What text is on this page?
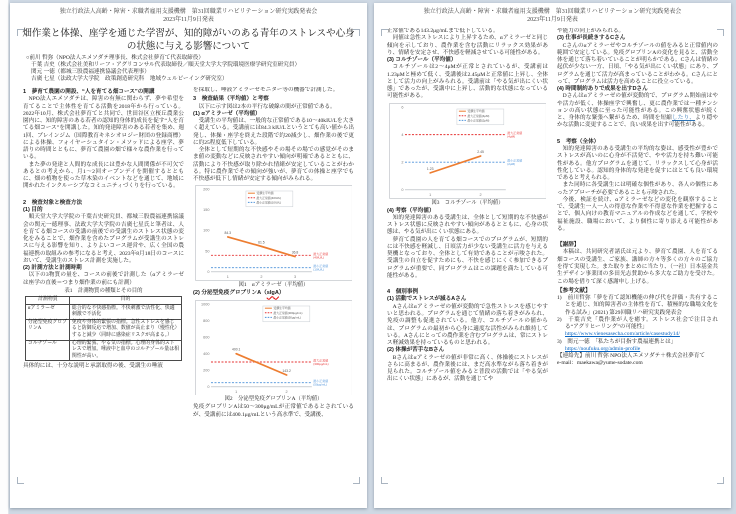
独立行政法人高齢・障害・求職者雇用支援機構　第31回職業リハビリテーション研究実践発表会
2023年11月9日発表
畑作業と体操、座学を通じた学習が、知的障がいのある青年のストレスや心身の状態に与える影響について
○前川 哲弥（NPO法人エメソダテ理事長、株式会社夢育て代表取締役）
千葉 吉史（株式会社美和リーフ・アグリコンサル代表取締役／順天堂大学大学院環境医療学研究室研究員）
関元 一徳（都城三股農福連携協議会代表理事）
吉廣 七星（法政大学大学院　政策創造研究科　地域ウェルビーイング研究室）
1　夢育て農園の開設、“人を育てる畑コース”の開講
NPO法人エメソダテは、障害の有無に関わらず、夢や希望を育てることで主体性を育てる活動を2018年から行っている。2022年10月、株式会社夢育てと共同で、世田谷区立桜丘農業公園内に、知的障害のある若者の認知的身体的成長を促す“人を育てる畑コース”を開講した。知的発達障害のある若者を集め、週1回、ブレインジム（国際教育キネシオロジー財団の登録商標）による体操、フォイヤーシュタイン・メソッドによる座学、夢語りの時間とともに、夢育て農園の畑で様々な農作業を行っている。
また夢の発達と人間的な成長には豊かな人間関係が不可欠であるとの考えから、月1〜2回オープンデイを開催するとともに、畑の植物を使った草木染のイベントなどを通じて、地域に開かれたインクルーシブなコミュニティづくりを行っている。
2　検査対象と検査方法
(1) 目的
順天堂大学大学院の千葉吉史研究員、都城三股農福連携協議会の関元一徳理事、法政大学大学院の吉廣七星氏と筆者は、人を育てる畑コースの受講の前後での受講生のストレス状態の変化をみることで、畑作業を含めたプログラムが受講生のストレスに与える影響を知り、よりよいコース運営や、広く全国の農福連携の取組みの参考になると考え、2023年8月18日のコースにおいて、受講生のストレス計測を実施した。
(2) 計測方法と計測時期
以下の3物質の量を、コースの前後で計測した（αアミラーゼは座学の直後＝つまり畑作業の前にも計測）
表1　計測物質の種類とその目的
計測物質	目的
αアミラーゼ	総合的な不快感指標。不快刺激で活性化、快適刺激で不活化
分泌型免疫グロブリンA	免疫や身体的緊張の指標。急性ストレスを感じると防御反応で増加、数値が高止まり（慢性化）すると減少（同時に感染症リスクが高まる。）
コルチゾール	心理的緊張、やる気の指標。心理的身体的ストレスで増加。唾液中と血中のコルチゾール量は相関性が高い。
具体的には、十分な説明と承諾取得の後、受講生の唾液
を採取し、唾液アミラーゼモニター等の機器で計測した。
3　検査結果（平均値）と考察
以下に示す図は2本の平行な破線の間が正常値である。
(1) αアミラーゼ（平均値）
受講生の平均値は、一般的な正常値である10〜40kIU/Lを大きく超えている。受講前には84.3 kIU/Lというとても高い値から出発し、体操・座学を終えた段階で約20減少し、畑作業の後で更に約25程度低下している。
全体として短期的な不快感やその場その場での感覚がそのまま値の変動などに反映されやすい傾向が明確であるとともに、活動により不快感が取り除かれ情緒が安定していることがわかる。特に農作業でその傾向が強いが、夢育ての体操と座学でも不快感が低下し情緒が安定する傾向がみられる。
0
50
100
150
200
1	2	3
最大正常値
(40IU/L)
最小正常値
(10IU/L)
84.3
61.5
36.8
受講生平均値
最大正常値(40IU/L)
最小正常値(10IU/L)
図1　αアミラーゼ（平均値）
(2) 分泌型免疫グロブリンA（sIgA）
0
200
400
600
800
1000
1	2
最大正常値
(300μg/mL)
最小正常値
(50μg/mL)
400.1
143.2
受講生平均値
最大正常値(300μg/mL)
最小正常値(50μg/mL)
図2　分泌型免疫グロブリンA（平均値）
免疫グロブリンAは50〜300μg/mLが正常値であるとされているが、受講前には400.1μg/mLという高水準で、受講後、
独立行政法人高齢・障害・求職者雇用支援機構　第31回職業リハビリテーション研究実践発表会
2023年11月9日発表
正常値である143.2μg/mLまで低下している。
同値は急性ストレスにより上昇するため、αアミラーゼと同じ傾向を示しており、農作業を含む活動にリラックス効果があり、情緒を安定させ、不快感を軽減させている可能性がある。
(3) コルチゾール（平均値）
コルチゾールは2〜4μMが正常とされているが、受講前は1.23μMと極めて低く、受講後は2.45μMと正常値に上昇し、全体として活力の向上がみられる。受講前は「やる気が出にくい状態」であったが、受講中に上昇し、活動的な状態になっている可能性がある。
0
2
4
6
1	2
最大正常値
(4μM)
最小正常値
(2μM)
1.23
2.45
受講生平均値
最大正常値(4μM)
最小正常値(2μM)
図3　コルチゾール（平均値）
(4) 考察（平均値）
知的発達障害のある受講生は、全体として短期的な不快感がストレス状態に反映されやすい傾向があるとともに、心身の状態は、やる気が出にくい状態にある。
夢育て農園の人を育てる畑コースでのプログラムが、短期的には不快感を軽減し、日頃活力が少ない受講生に活力を与える契機となっており、全体として有効であることが示唆された。受講生の自立を促すためにも、不快を感じにくく参加できるプログラムが重要で、同プログラムはこの課題を満たしている可能性がある。
4　個別事例
(1) 活動でストレスが減るAさん
Aさんはαアミラーゼの値が変動的で急性ストレスを感じやすいと思われる。プログラムを通じて情緒の落ち着きがみられ、免疫の調整も促進されている。他方、コルチゾールの値からは、プログラムの最初から心身に適度な活性がみられ維持している。Aさんにとっての農作業を含むプログラムは、常にストレス軽減効果を持っているものと思われる。
(2) 体操が苦手なBさん
Bさんはαアミラーゼの値が非常に高く、体操後にストレスがさらに高まるが、農作業後には、まだ高水準ながら落ち着きが見られた。コルチゾール値をみると普段の活動では「やる気が出にくい状態」にあるが、活動を通じてや
や能力の向上がみられる。
(3) 仕事が長続きするCさん
Cさんのαアミラーゼやコルチゾールの値をみると正常値内の範囲で安定している。免疫グロブリンAの変化を見ると、活動全体を通じて落ち着いていることが明らかである。Cさんは情緒の起伏が少ない一方、日頃、「やる気が出にくい状態」にあり、プログラムを通じて活力が高まっていることがわかる。Cさんにとって、プログラムは活力を高めることに役立っている。
(4) 時間制約ありで成果を出すDさん
Dさんはαアミラーゼの値が変動的で、プログラム開始前はやや活力が低く、体操座学で興奮し、更に農作業では一種テンションの高い状態に至った可能性がある。この興奮状態が続くと、身体的な緊張へ繋がるため、時間を短縮したり、より穏やかな活動に変更することで、良い成果を出す可能性がある。
5　考察（全体）
知的発達障害のある受講生の平均的な姿は、感受性が豊かでストレスが高いのに心身が不活発で、やや活力を持ち難い可能性がある。他方プログラムを通じて、リラックスして心身が活性化している。認知的身体的な発達を促すにはとても良い環境であると考えられる。
また同時に各受講生には明確な個性があり、各人の個性にあったアプローチが必要であることも示唆された。
今後、検証を続け、αアミラーゼなどの変化を観察することで、受講生一人一人の得意な作業や不得意な作業を把握することで、個人向けの教育マニュアルの作成などを通して、学校や福祉施設、職場において、より個性に寄り添える可能性がある。
【謝辞】
本稿は、共同研究者諸氏は元より、夢育て農園、人を育てる畑コースの受講生、ご家族、講師の方々等多くの方々のご協力を得て実現した。また取りまとめに当たり、（一社）日本基金共生デザイン事業団の多田光志賛助から多大なご助力を受けた。この場を借りて深く感謝申し上げる。
【参考文献】
1)　前川哲弥「夢を育て認知機能の伸び代を評価・共有することを通じ、知的障害者の主体性を育て、積極的な職場文化を作る試み」(2021) 第29回職リハ研究実践発表会
2)　千葉吉史「農作業が人を癒す。ストレス社会で注目される“アグリヒーリング”の可能性」
https://www.vienesasecha.com/article/casestudy14/
3)　関元一徳　「私たちが目指す農福連携とは」
https://noufuku.org/admin-profile
【連絡先】前川 哲弥 NPO法人エメソダテ＋株式会社夢育て
e-mail：maekawa@yume-sodate.com
